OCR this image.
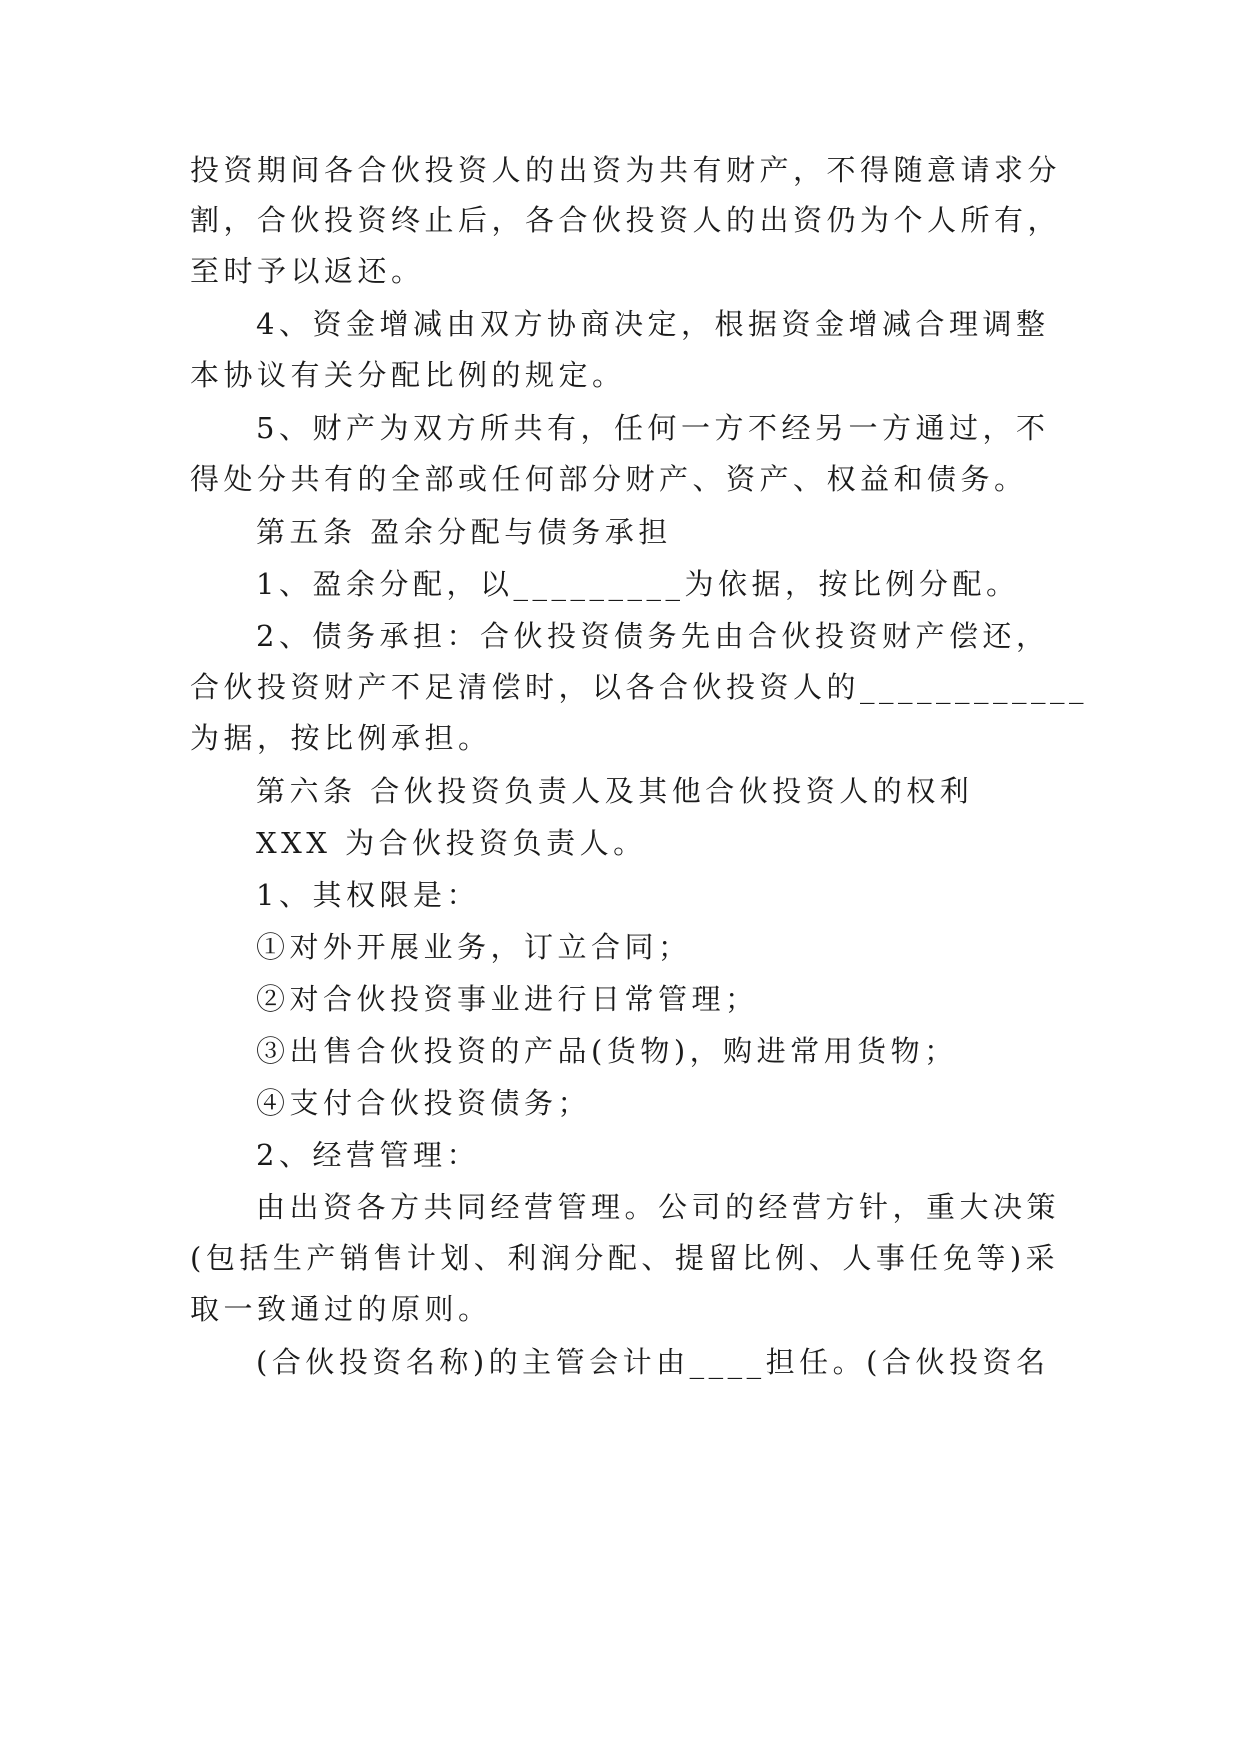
投资期间各合伙投资人的出资为共有财产，不得随意请求分
割，合伙投资终止后，各合伙投资人的出资仍为个人所有，
至时予以返还。
4、资金增减由双方协商决定，根据资金增减合理调整
本协议有关分配比例的规定。
5、财产为双方所共有，任何一方不经另一方通过，不
得处分共有的全部或任何部分财产、资产、权益和债务。
第五条 盈余分配与债务承担
1、盈余分配，以_________为依据，按比例分配。
2、债务承担：合伙投资债务先由合伙投资财产偿还，
合伙投资财产不足清偿时，以各合伙投资人的____________
为据，按比例承担。
第六条 合伙投资负责人及其他合伙投资人的权利
XXX 为合伙投资负责人。
1、其权限是：
①对外开展业务，订立合同；
②对合伙投资事业进行日常管理；
③出售合伙投资的产品(货物)，购进常用货物；
④支付合伙投资债务；
2、经营管理：
由出资各方共同经营管理。公司的经营方针，重大决策
(包括生产销售计划、利润分配、提留比例、人事任免等)采
取一致通过的原则。
(合伙投资名称)的主管会计由____担任。(合伙投资名
